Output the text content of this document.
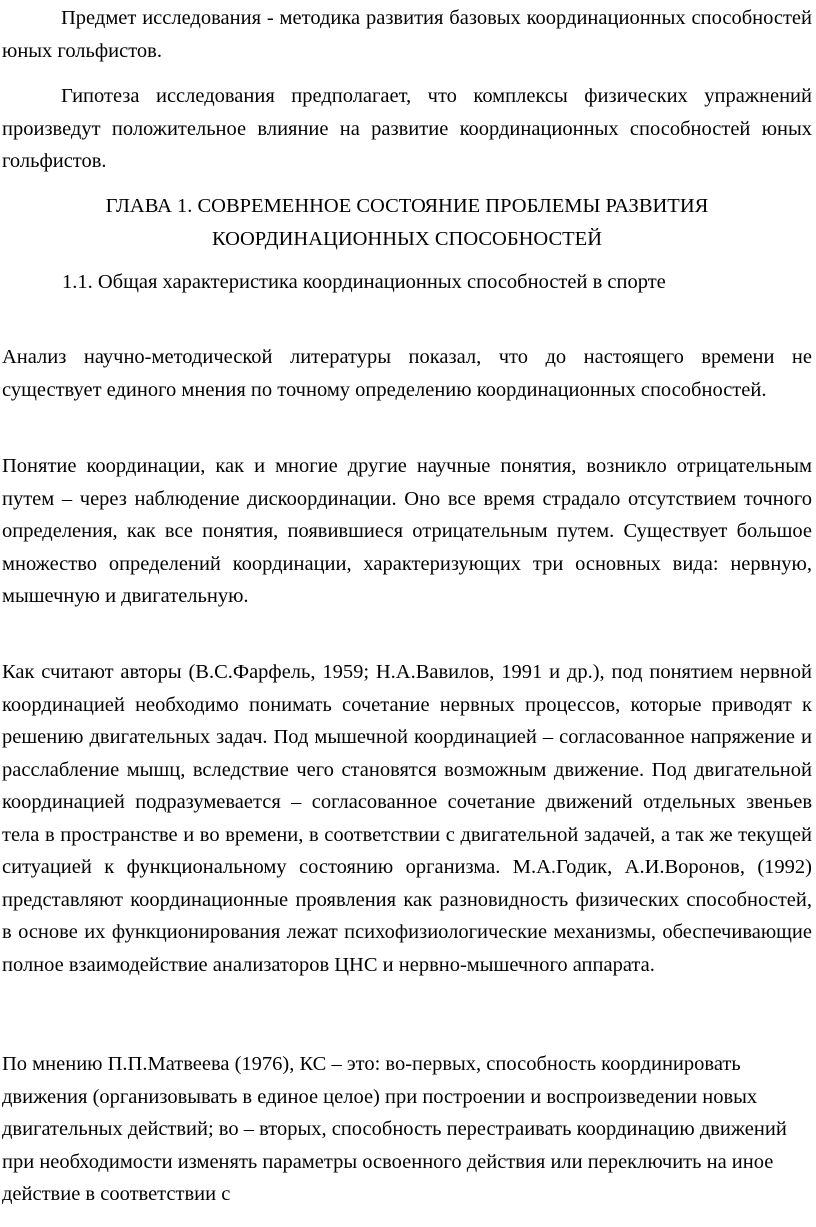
Предмет исследования - методика развития базовых координационных способностей юных гольфистов.

Гипотеза исследования предполагает, что комплексы физических упражнений произведут положительное влияние на развитие координационных способностей юных гольфистов.

ГЛАВА 1. СОВРЕМЕННОЕ СОСТОЯНИЕ ПРОБЛЕМЫ РАЗВИТИЯ КООРДИНАЦИОННЫХ СПОСОБНОСТЕЙ
1.1. Общая характеристика координационных способностей в спорте

Анализ научно-методической литературы показал, что до настоящего времени не существует единого мнения по точному определению координационных способностей.

Понятие координации, как и многие другие научные понятия, возникло отрицательным путем – через наблюдение дискоординации. Оно все время страдало отсутствием точного определения, как все понятия, появившиеся отрицательным путем. Существует большое множество определений координации, характеризующих три основных вида: нервную, мышечную и двигательную.

Как считают авторы (В.С.Фарфель, 1959; Н.А.Вавилов, 1991 и др.), под понятием нервной координацией необходимо понимать сочетание нервных процессов, которые приводят к решению двигательных задач. Под мышечной координацией – согласованное напряжение и расслабление мышц, вследствие чего становятся возможным движение. Под двигательной координацией подразумевается – согласованное сочетание движений отдельных звеньев тела в пространстве и во времени, в соответствии с двигательной задачей, а так же текущей ситуацией к функциональному состоянию организма. М.А.Годик, А.И.Воронов, (1992) представляют координационные проявления как разновидность физических способностей, в основе их функционирования лежат психофизиологические механизмы, обеспечивающие полное взаимодействие анализаторов ЦНС и нервно-мышечного аппарата.

По мнению П.П.Матвеева (1976), КС – это: во-первых, способность координировать движения (организовывать в единое целое) при построении и воспроизведении новых двигательных действий; во – вторых, способность перестраивать координацию движений при необходимости изменять параметры освоенного действия или переключить на иное действие в соответствии с
